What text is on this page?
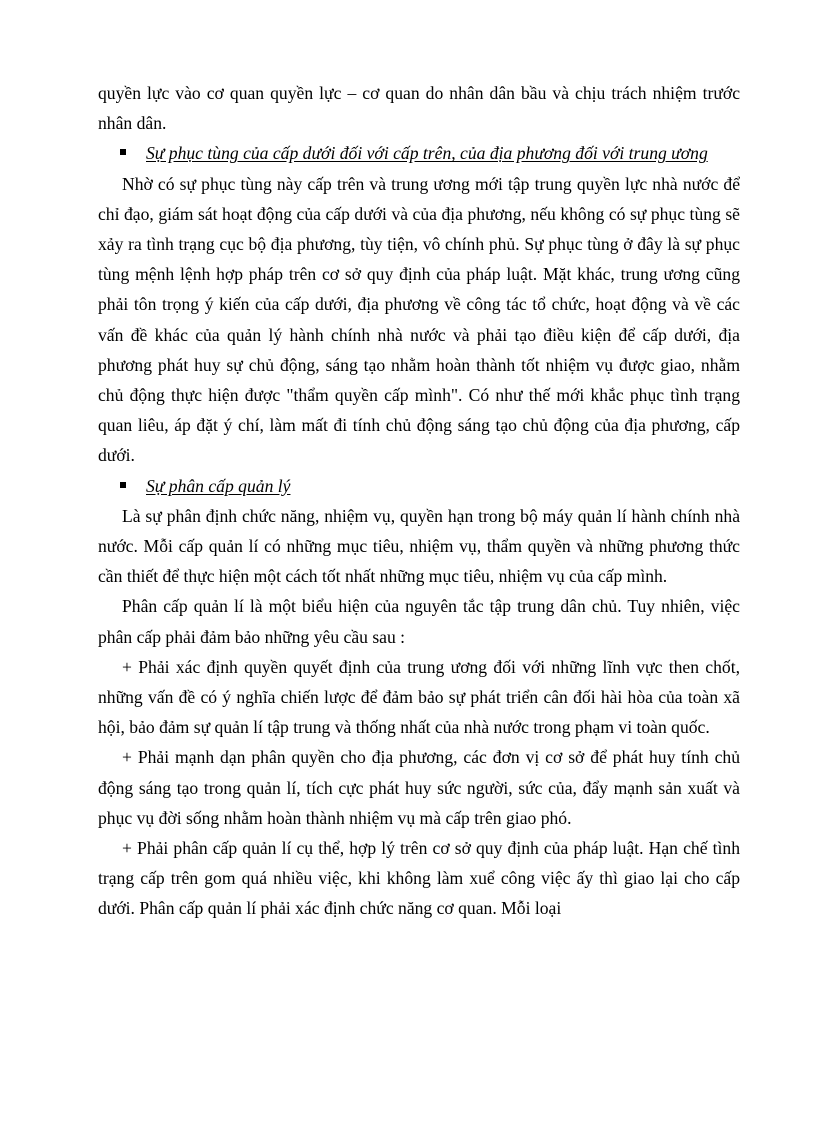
quyền lực vào cơ quan quyền lực – cơ quan do nhân dân bầu và chịu trách nhiệm trước nhân dân.

Sự phục tùng của cấp dưới đối với cấp trên, của địa phương đối với trung ương

Nhờ có sự phục tùng này cấp trên và trung ương mới tập trung quyền lực nhà nước để chỉ đạo, giám sát hoạt động của cấp dưới và của địa phương, nếu không có sự phục tùng sẽ xảy ra tình trạng cục bộ địa phương, tùy tiện, vô chính phủ. Sự phục tùng ở đây là sự phục tùng mệnh lệnh hợp pháp trên cơ sở quy định của pháp luật. Mặt khác, trung ương cũng phải tôn trọng ý kiến của cấp dưới, địa phương về công tác tổ chức, hoạt động và về các vấn đề khác của quản lý hành chính nhà nước và phải tạo điều kiện để cấp dưới, địa phương phát huy sự chủ động, sáng tạo nhằm hoàn thành tốt nhiệm vụ được giao, nhằm chủ động thực hiện được "thẩm quyền cấp mình". Có như thế mới khắc phục tình trạng quan liêu, áp đặt ý chí, làm mất đi tính chủ động sáng tạo chủ động của địa phương, cấp dưới.

Sự phân cấp quản lý

Là sự phân định chức năng, nhiệm vụ, quyền hạn trong bộ máy quản lí hành chính nhà nước. Mỗi cấp quản lí có những mục tiêu, nhiệm vụ, thẩm quyền và những phương thức cần thiết để thực hiện một cách tốt nhất những mục tiêu, nhiệm vụ của cấp mình.

Phân cấp quản lí là một biểu hiện của nguyên tắc tập trung dân chủ. Tuy nhiên, việc phân cấp phải đảm bảo những yêu cầu sau :

+ Phải xác định quyền quyết định của trung ương đối với những lĩnh vực then chốt, những vấn đề có ý nghĩa chiến lược để đảm bảo sự phát triển cân đối hài hòa của toàn xã hội, bảo đảm sự quản lí tập trung và thống nhất của nhà nước trong phạm vi toàn quốc.

+ Phải mạnh dạn phân quyền cho địa phương, các đơn vị cơ sở để phát huy tính chủ động sáng tạo trong quản lí, tích cực phát huy sức người, sức của, đẩy mạnh sản xuất và phục vụ đời sống nhằm hoàn thành nhiệm vụ mà cấp trên giao phó.

+ Phải phân cấp quản lí cụ thể, hợp lý trên cơ sở quy định của pháp luật. Hạn chế tình trạng cấp trên gom quá nhiều việc, khi không làm xuể công việc ấy thì giao lại cho cấp dưới. Phân cấp quản lí phải xác định chức năng cơ quan. Mỗi loại
